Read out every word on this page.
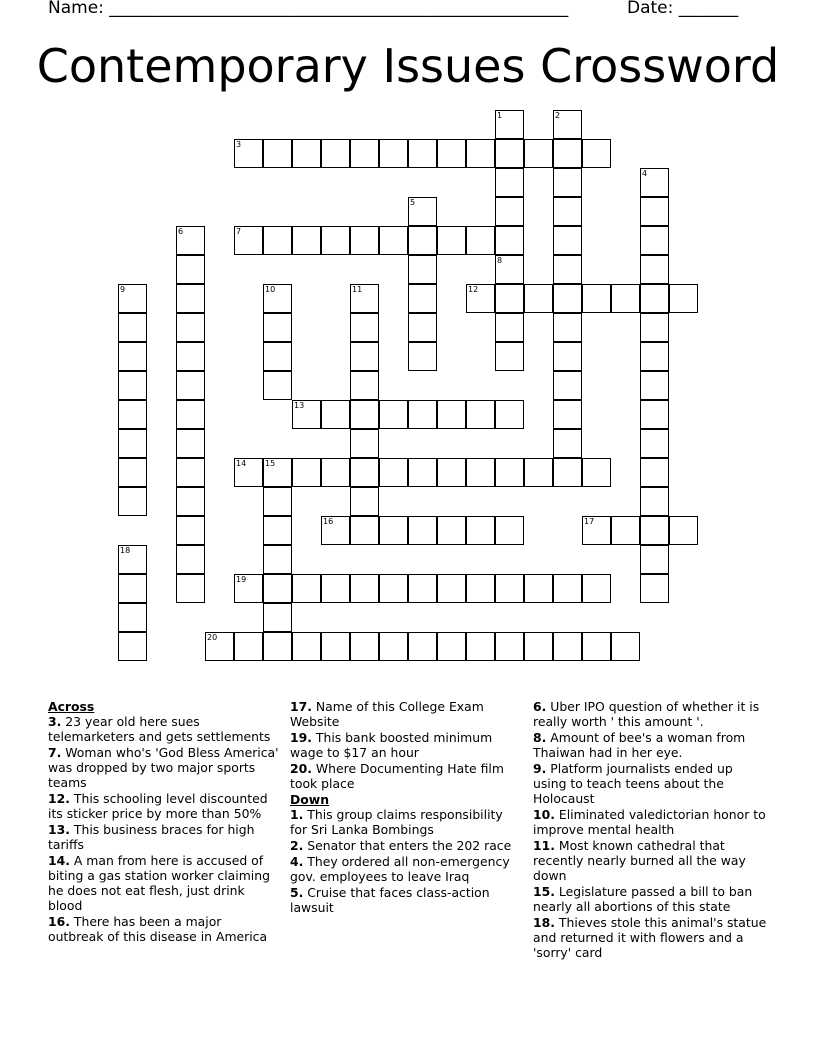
Name: ______________________________________________________	Date: _______
Contemporary Issues Crossword
1
8
2
3
4
5
6	7
9	10	11	12
13
14 15
16	17
18
19
20
Across
3. 23 year old here sues telemarketers and gets settlements
7. Woman who's 'God Bless America' was dropped by two major sports teams
12. This schooling level discounted its sticker price by more than 50%
13. This business braces for high tariffs
14. A man from here is accused of biting a gas station worker claiming he does not eat flesh, just drink blood
16. There has been a major outbreak of this disease in America
17. Name of this College Exam Website
19. This bank boosted minimum wage to $17 an hour
20. Where Documenting Hate film took place
Down
1. This group claims responsibility for Sri Lanka Bombings
2. Senator that enters the 202 race
4. They ordered all non-emergency gov. employees to leave Iraq
5. Cruise that faces class-action lawsuit
6. Uber IPO question of whether it is really worth ' this amount '.
8. Amount of bee's a woman from Thaiwan had in her eye.
9. Platform journalists ended up using to teach teens about the Holocaust
10. Eliminated valedictorian honor to improve mental health
11. Most known cathedral that recently nearly burned all the way down
15. Legislature passed a bill to ban nearly all abortions of this state
18. Thieves stole this animal's statue and returned it with flowers and a 'sorry' card
